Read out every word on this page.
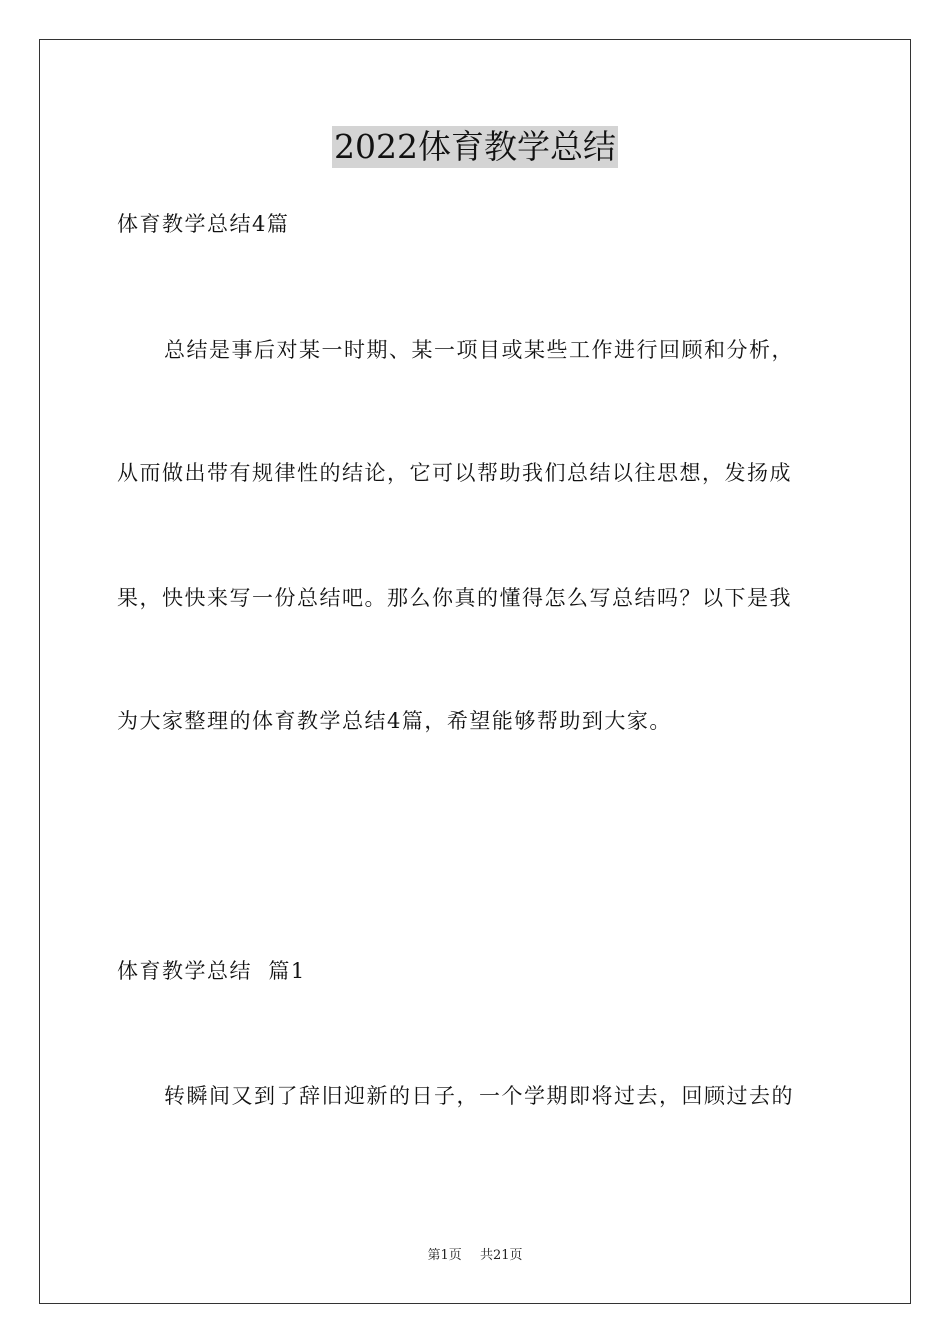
2022体育教学总结
体育教学总结4篇
总结是事后对某一时期、某一项目或某些工作进行回顾和分析，
从而做出带有规律性的结论，它可以帮助我们总结以往思想，发扬成
果，快快来写一份总结吧。那么你真的懂得怎么写总结吗？以下是我
为大家整理的体育教学总结4篇，希望能够帮助到大家。
体育教学总结  篇1
转瞬间又到了辞旧迎新的日子，一个学期即将过去，回顾过去的
第1页 共21页
